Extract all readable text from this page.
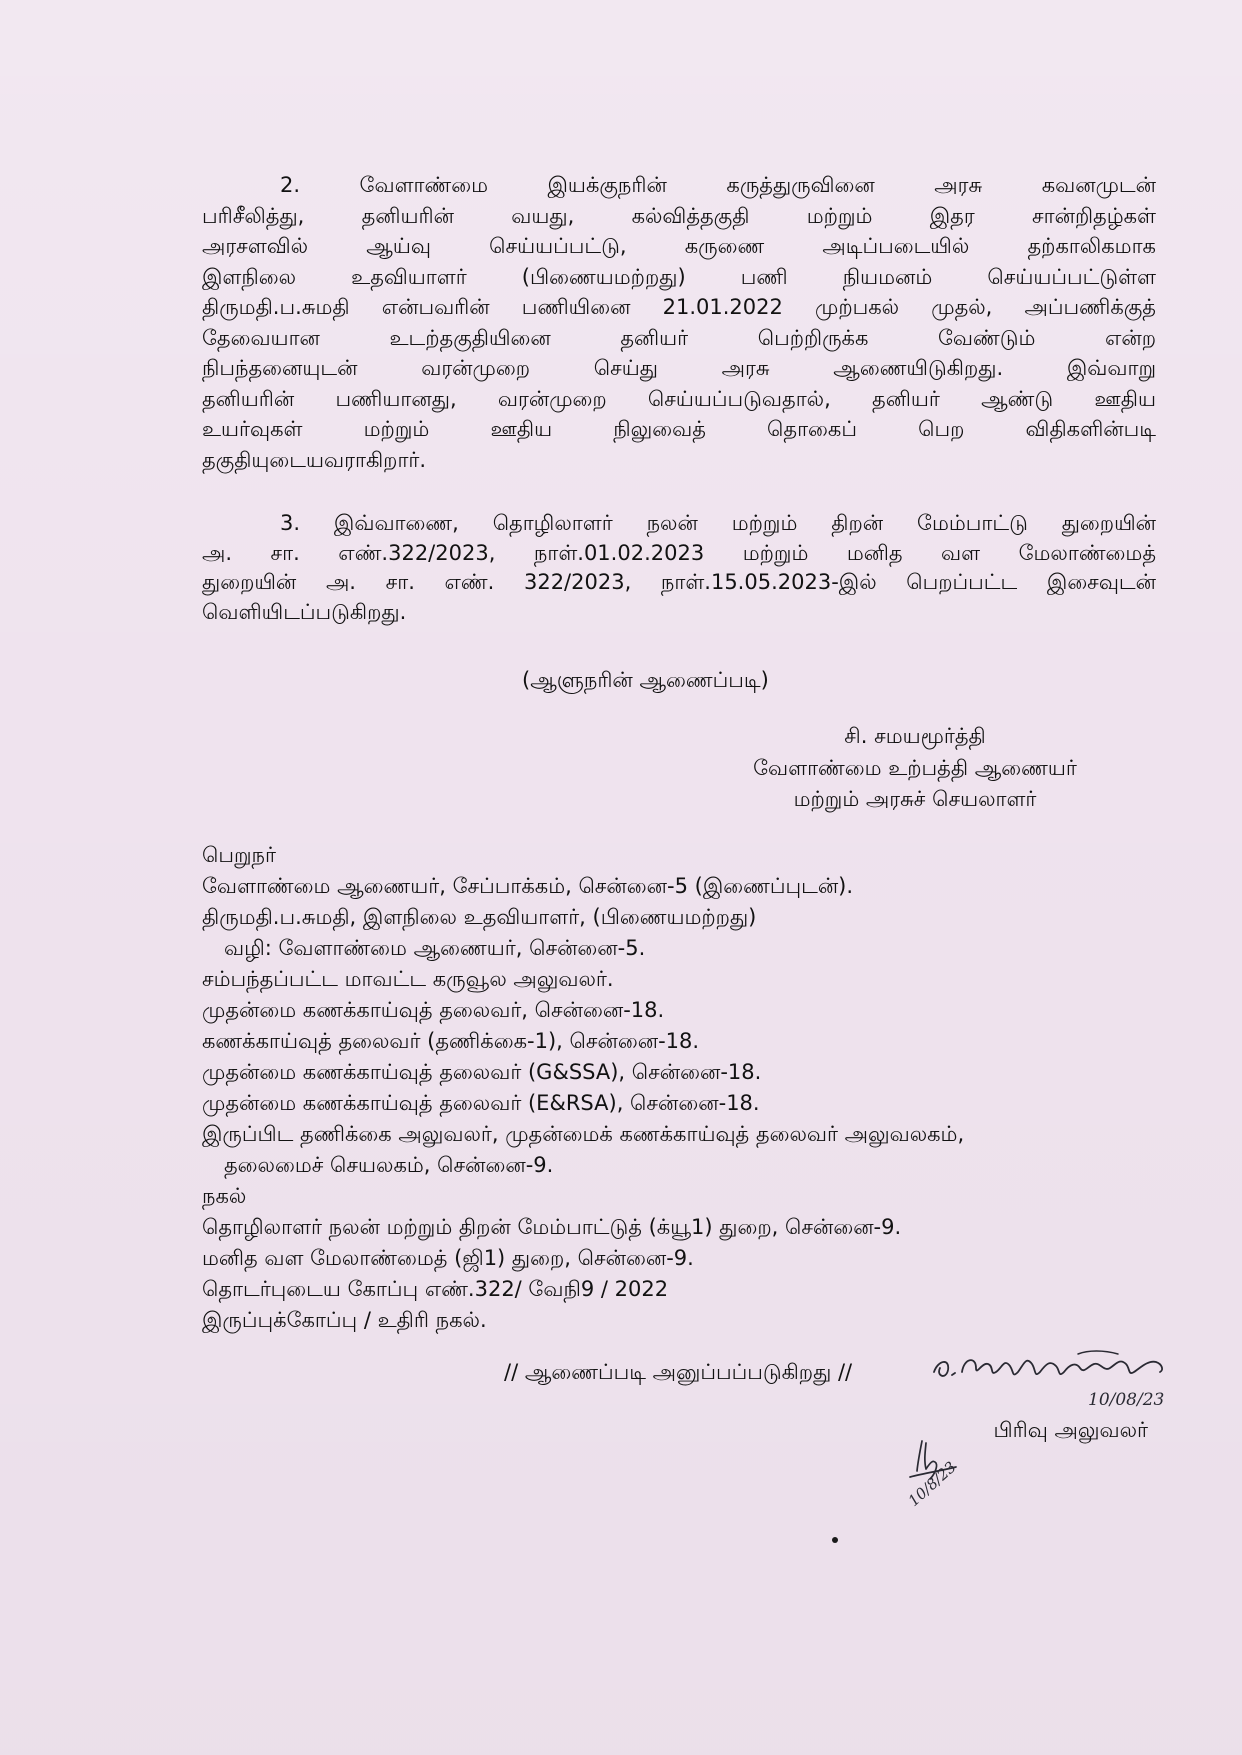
2. வேளாண்மை இயக்குநரின் கருத்துருவினை அரசு கவனமுடன்
பரிசீலித்து, தனியரின் வயது, கல்வித்தகுதி மற்றும் இதர சான்றிதழ்கள்
அரசளவில் ஆய்வு செய்யப்பட்டு, கருணை அடிப்படையில் தற்காலிகமாக
இளநிலை உதவியாளர் (பிணையமற்றது) பணி நியமனம் செய்யப்பட்டுள்ள
திருமதி.ப.சுமதி என்பவரின் பணியினை 21.01.2022 முற்பகல் முதல், அப்பணிக்குத்
தேவையான உடற்தகுதியினை தனியர் பெற்றிருக்க வேண்டும் என்ற
நிபந்தனையுடன் வரன்முறை செய்து அரசு ஆணையிடுகிறது. இவ்வாறு
தனியரின் பணியானது, வரன்முறை செய்யப்படுவதால், தனியர் ஆண்டு ஊதிய
உயர்வுகள் மற்றும் ஊதிய நிலுவைத் தொகைப் பெற விதிகளின்படி
தகுதியுடையவராகிறார்.
3. இவ்வாணை, தொழிலாளர் நலன் மற்றும் திறன் மேம்பாட்டு துறையின்
அ. சா. எண்.322/2023, நாள்.01.02.2023 மற்றும் மனித வள மேலாண்மைத்
துறையின் அ. சா. எண். 322/2023, நாள்.15.05.2023-இல் பெறப்பட்ட இசைவுடன்
வெளியிடப்படுகிறது.
(ஆளுநரின் ஆணைப்படி)
சி. சமயமூர்த்தி
வேளாண்மை உற்பத்தி ஆணையர்
மற்றும் அரசுச் செயலாளர்
பெறுநர்
வேளாண்மை ஆணையர், சேப்பாக்கம், சென்னை-5 (இணைப்புடன்).
திருமதி.ப.சுமதி, இளநிலை உதவியாளர், (பிணையமற்றது)
வழி: வேளாண்மை ஆணையர், சென்னை-5.
சம்பந்தப்பட்ட மாவட்ட கருவூல அலுவலர்.
முதன்மை கணக்காய்வுத் தலைவர், சென்னை-18.
கணக்காய்வுத் தலைவர் (தணிக்கை-1), சென்னை-18.
முதன்மை கணக்காய்வுத் தலைவர் (G&SSA), சென்னை-18.
முதன்மை கணக்காய்வுத் தலைவர் (E&RSA), சென்னை-18.
இருப்பிட தணிக்கை அலுவலர், முதன்மைக் கணக்காய்வுத் தலைவர் அலுவலகம்,
தலைமைச் செயலகம், சென்னை-9.
நகல்
தொழிலாளர் நலன் மற்றும் திறன் மேம்பாட்டுத் (க்யூ1) துறை, சென்னை-9.
மனித வள மேலாண்மைத் (ஜி1) துறை, சென்னை-9.
தொடர்புடைய கோப்பு எண்.322/ வேநி9 / 2022
இருப்புக்கோப்பு / உதிரி நகல்.
// ஆணைப்படி அனுப்பப்படுகிறது //
10/08/23
பிரிவு அலுவலர்
10/8/23
